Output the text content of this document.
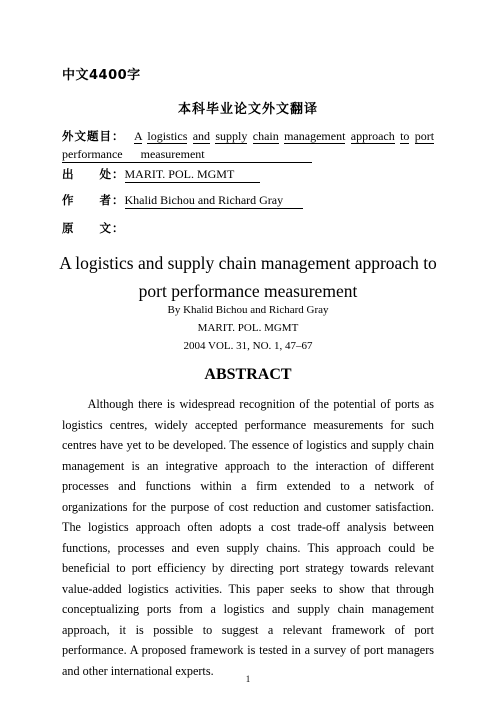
中文4400字
本科毕业论文外文翻译
外文题目： A logistics and supply chain management approach to port
performance      measurement
出　　处：MARIT. POL. MGMT
作　　者：Khalid Bichou and Richard Gray
原　　文：
A logistics and supply chain management approach to
port performance measurement
By Khalid Bichou and Richard Gray
MARIT. POL. MGMT
2004 VOL. 31, NO. 1, 47–67
ABSTRACT

Although there is widespread recognition of the potential of ports as logistics centres, widely accepted performance measurements for such centres have yet to be developed. The essence of logistics and supply chain management is an integrative approach to the interaction of different processes and functions within a firm extended to a network of organizations for the purpose of cost reduction and customer satisfaction. The logistics approach often adopts a cost trade-off analysis between functions, processes and even supply chains. This approach could be beneficial to port efficiency by directing port strategy towards relevant value-added logistics activities. This paper seeks to show that through conceptualizing ports from a logistics and supply chain management approach, it is possible to suggest a relevant framework of port performance. A proposed framework is tested in a survey of port managers and other international experts.

1
